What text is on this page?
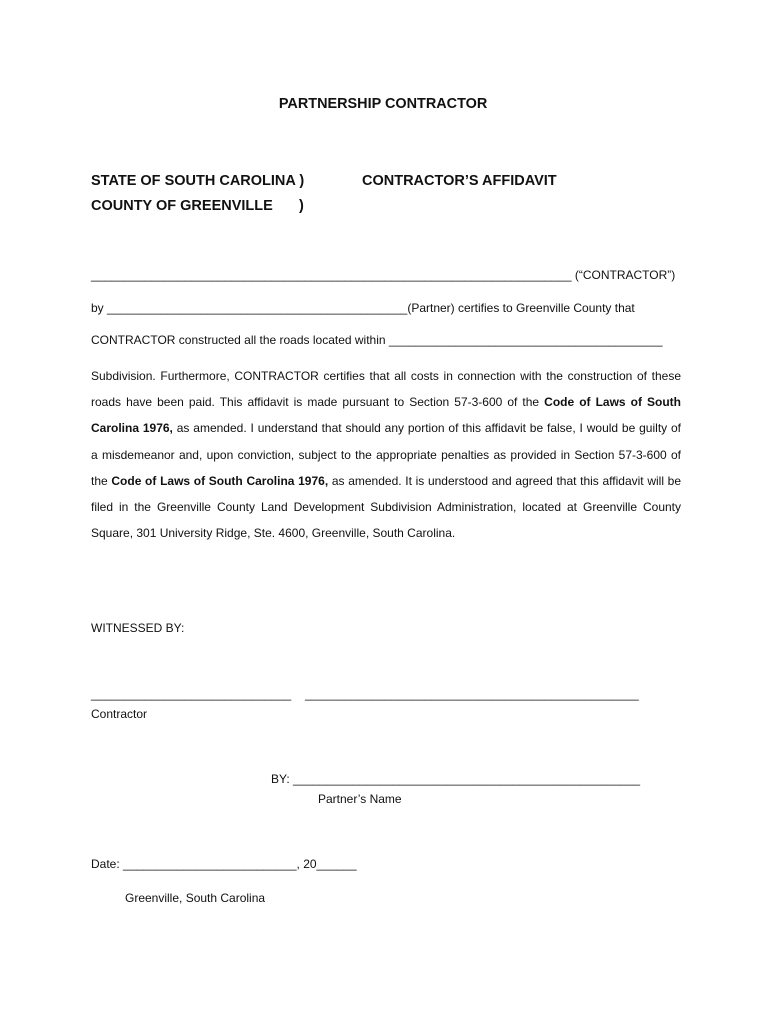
PARTNERSHIP CONTRACTOR
STATE OF SOUTH CAROLINA )
COUNTY OF GREENVILLE )
CONTRACTOR’S AFFIDAVIT
________________________________________________________________________ (“CONTRACTOR”)
by _____________________________________________(Partner) certifies to Greenville County that
CONTRACTOR constructed all the roads located within _________________________________________
Subdivision. Furthermore, CONTRACTOR certifies that all costs in connection with the construction of these roads have been paid. This affidavit is made pursuant to Section 57-3-600 of the Code of Laws of South Carolina 1976, as amended. I understand that should any portion of this affidavit be false, I would be guilty of a misdemeanor and, upon conviction, subject to the appropriate penalties as provided in Section 57-3-600 of the Code of Laws of South Carolina 1976, as amended. It is understood and agreed that this affidavit will be filed in the Greenville County Land Development Subdivision Administration, located at Greenville County Square, 301 University Ridge, Ste. 4600, Greenville, South Carolina.
WITNESSED BY:
______________________________ __________________________________________________
Contractor
BY: ____________________________________________________
Partner’s Name
Date: __________________________, 20______
Greenville, South Carolina
